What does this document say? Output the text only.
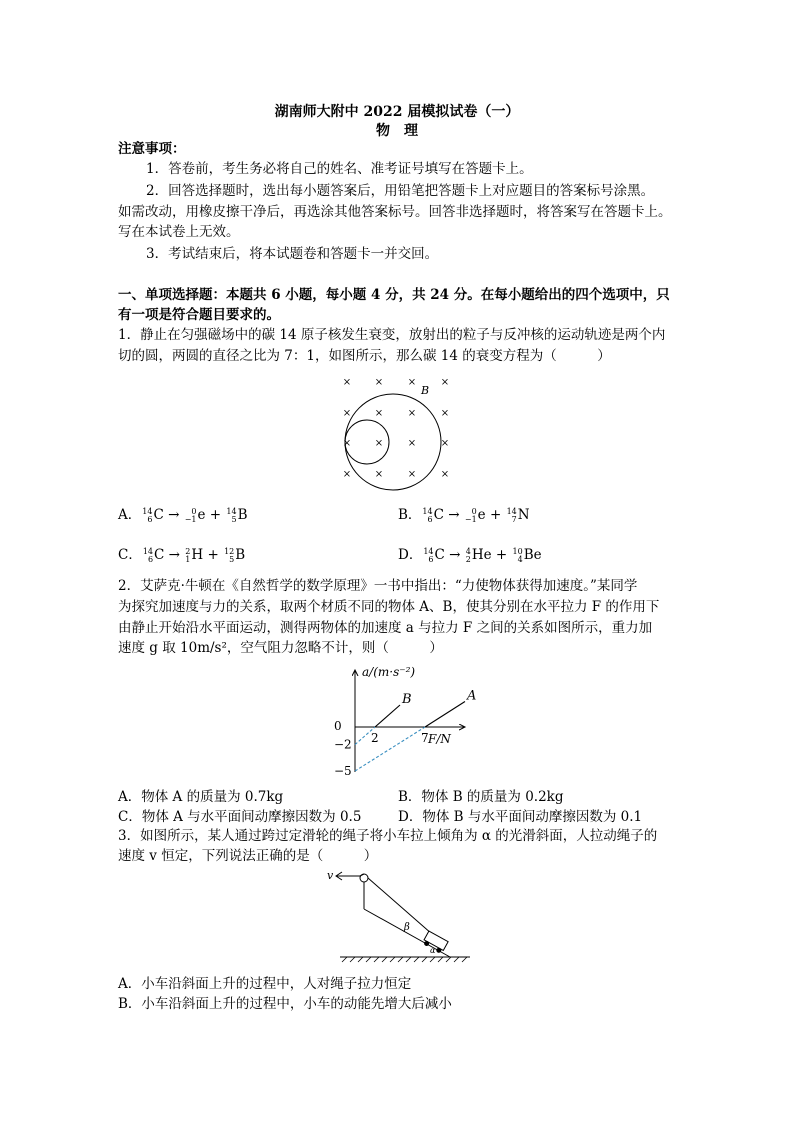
湖南师大附中 2022 届模拟试卷（一）
物　理
注意事项：
1．答卷前，考生务必将自己的姓名、准考证号填写在答题卡上。
2．回答选择题时，选出每小题答案后，用铅笔把答题卡上对应题目的答案标号涂黑。
如需改动，用橡皮擦干净后，再选涂其他答案标号。回答非选择题时，将答案写在答题卡上。
写在本试卷上无效。
3．考试结束后，将本试题卷和答题卡一并交回。
一、单项选择题：本题共 6 小题，每小题 4 分，共 24 分。在每小题给出的四个选项中，只
有一项是符合题目要求的。
1．静止在匀强磁场中的碳 14 原子核发生衰变，放射出的粒子与反冲核的运动轨迹是两个内
切的圆，两圆的直径之比为 7：1，如图所示，那么碳 14 的衰变方程为（　　　）
× × × ×
× × × ×
× × × ×
× × × ×
B
A． 14
6 C → 0
−1 e + 14
5 B	B． 14
6 C → 0
−1 e + 14
7 N
C． 14
6 C → 2
1 H + 12
5 B	D． 14
6 C → 4
2 He + 10
4 Be
2．艾萨克·牛顿在《自然哲学的数学原理》一书中指出：“力使物体获得加速度。”某同学
为探究加速度与力的关系，取两个材质不同的物体 A、B，使其分别在水平拉力 F 的作用下
由静止开始沿水平面运动，测得两物体的加速度 a 与拉力 F 之间的关系如图所示，重力加
速度 g 取 10m/s²，空气阻力忽略不计，则（　　　）
B	A
2	7
−2
−5
0
a/(m·s⁻²)
F/N
A．物体 A 的质量为 0.7kg	B．物体 B 的质量为 0.2kg
C．物体 A 与水平面间动摩擦因数为 0.5	D．物体 B 与水平面间动摩擦因数为 0.1
3．如图所示，某人通过跨过定滑轮的绳子将小车拉上倾角为 α 的光滑斜面，人拉动绳子的
速度 v 恒定，下列说法正确的是（　　　）
v
β
α
A．小车沿斜面上升的过程中，人对绳子拉力恒定
B．小车沿斜面上升的过程中，小车的动能先增大后减小
